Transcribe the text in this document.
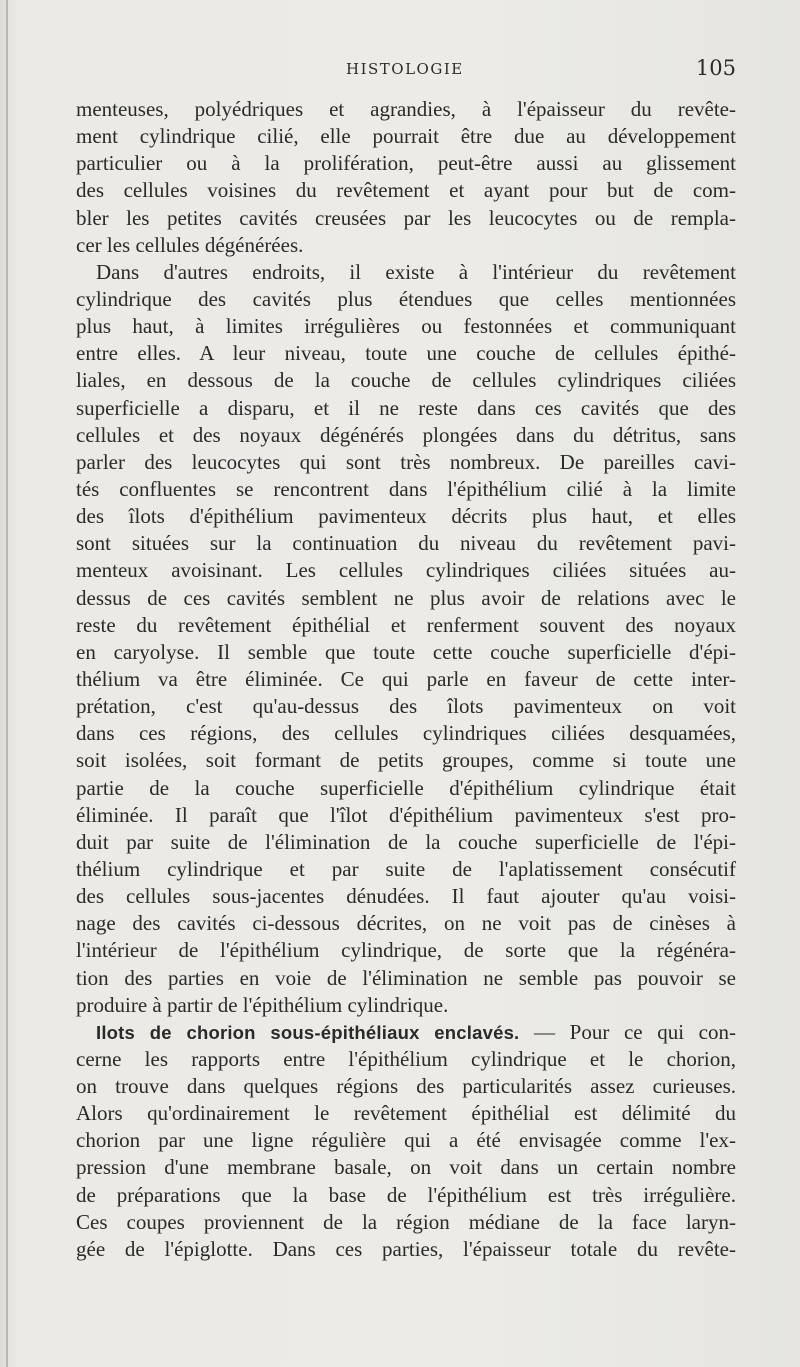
HISTOLOGIE	105
menteuses, polyédriques et agrandies, à l'épaisseur du revête-
ment cylindrique cilié, elle pourrait être due au développement
particulier ou à la prolifération, peut-être aussi au glissement
des cellules voisines du revêtement et ayant pour but de com-
bler les petites cavités creusées par les leucocytes ou de rempla-
cer les cellules dégénérées.
Dans d'autres endroits, il existe à l'intérieur du revêtement
cylindrique des cavités plus étendues que celles mentionnées
plus haut, à limites irrégulières ou festonnées et communiquant
entre elles. A leur niveau, toute une couche de cellules épithé-
liales, en dessous de la couche de cellules cylindriques ciliées
superficielle a disparu, et il ne reste dans ces cavités que des
cellules et des noyaux dégénérés plongées dans du détritus, sans
parler des leucocytes qui sont très nombreux. De pareilles cavi-
tés confluentes se rencontrent dans l'épithélium cilié à la limite
des îlots d'épithélium pavimenteux décrits plus haut, et elles
sont situées sur la continuation du niveau du revêtement pavi-
menteux avoisinant. Les cellules cylindriques ciliées situées au-
dessus de ces cavités semblent ne plus avoir de relations avec le
reste du revêtement épithélial et renferment souvent des noyaux
en caryolyse. Il semble que toute cette couche superficielle d'épi-
thélium va être éliminée. Ce qui parle en faveur de cette inter-
prétation, c'est qu'au-dessus des îlots pavimenteux on voit
dans ces régions, des cellules cylindriques ciliées desquamées,
soit isolées, soit formant de petits groupes, comme si toute une
partie de la couche superficielle d'épithélium cylindrique était
éliminée. Il paraît que l'îlot d'épithélium pavimenteux s'est pro-
duit par suite de l'élimination de la couche superficielle de l'épi-
thélium cylindrique et par suite de l'aplatissement consécutif
des cellules sous-jacentes dénudées. Il faut ajouter qu'au voisi-
nage des cavités ci-dessous décrites, on ne voit pas de cinèses à
l'intérieur de l'épithélium cylindrique, de sorte que la régénéra-
tion des parties en voie de l'élimination ne semble pas pouvoir se
produire à partir de l'épithélium cylindrique.
Ilots de chorion sous-épithéliaux enclavés. — Pour ce qui con-
cerne les rapports entre l'épithélium cylindrique et le chorion,
on trouve dans quelques régions des particularités assez curieuses.
Alors qu'ordinairement le revêtement épithélial est délimité du
chorion par une ligne régulière qui a été envisagée comme l'ex-
pression d'une membrane basale, on voit dans un certain nombre
de préparations que la base de l'épithélium est très irrégulière.
Ces coupes proviennent de la région médiane de la face laryn-
gée de l'épiglotte. Dans ces parties, l'épaisseur totale du revête-
